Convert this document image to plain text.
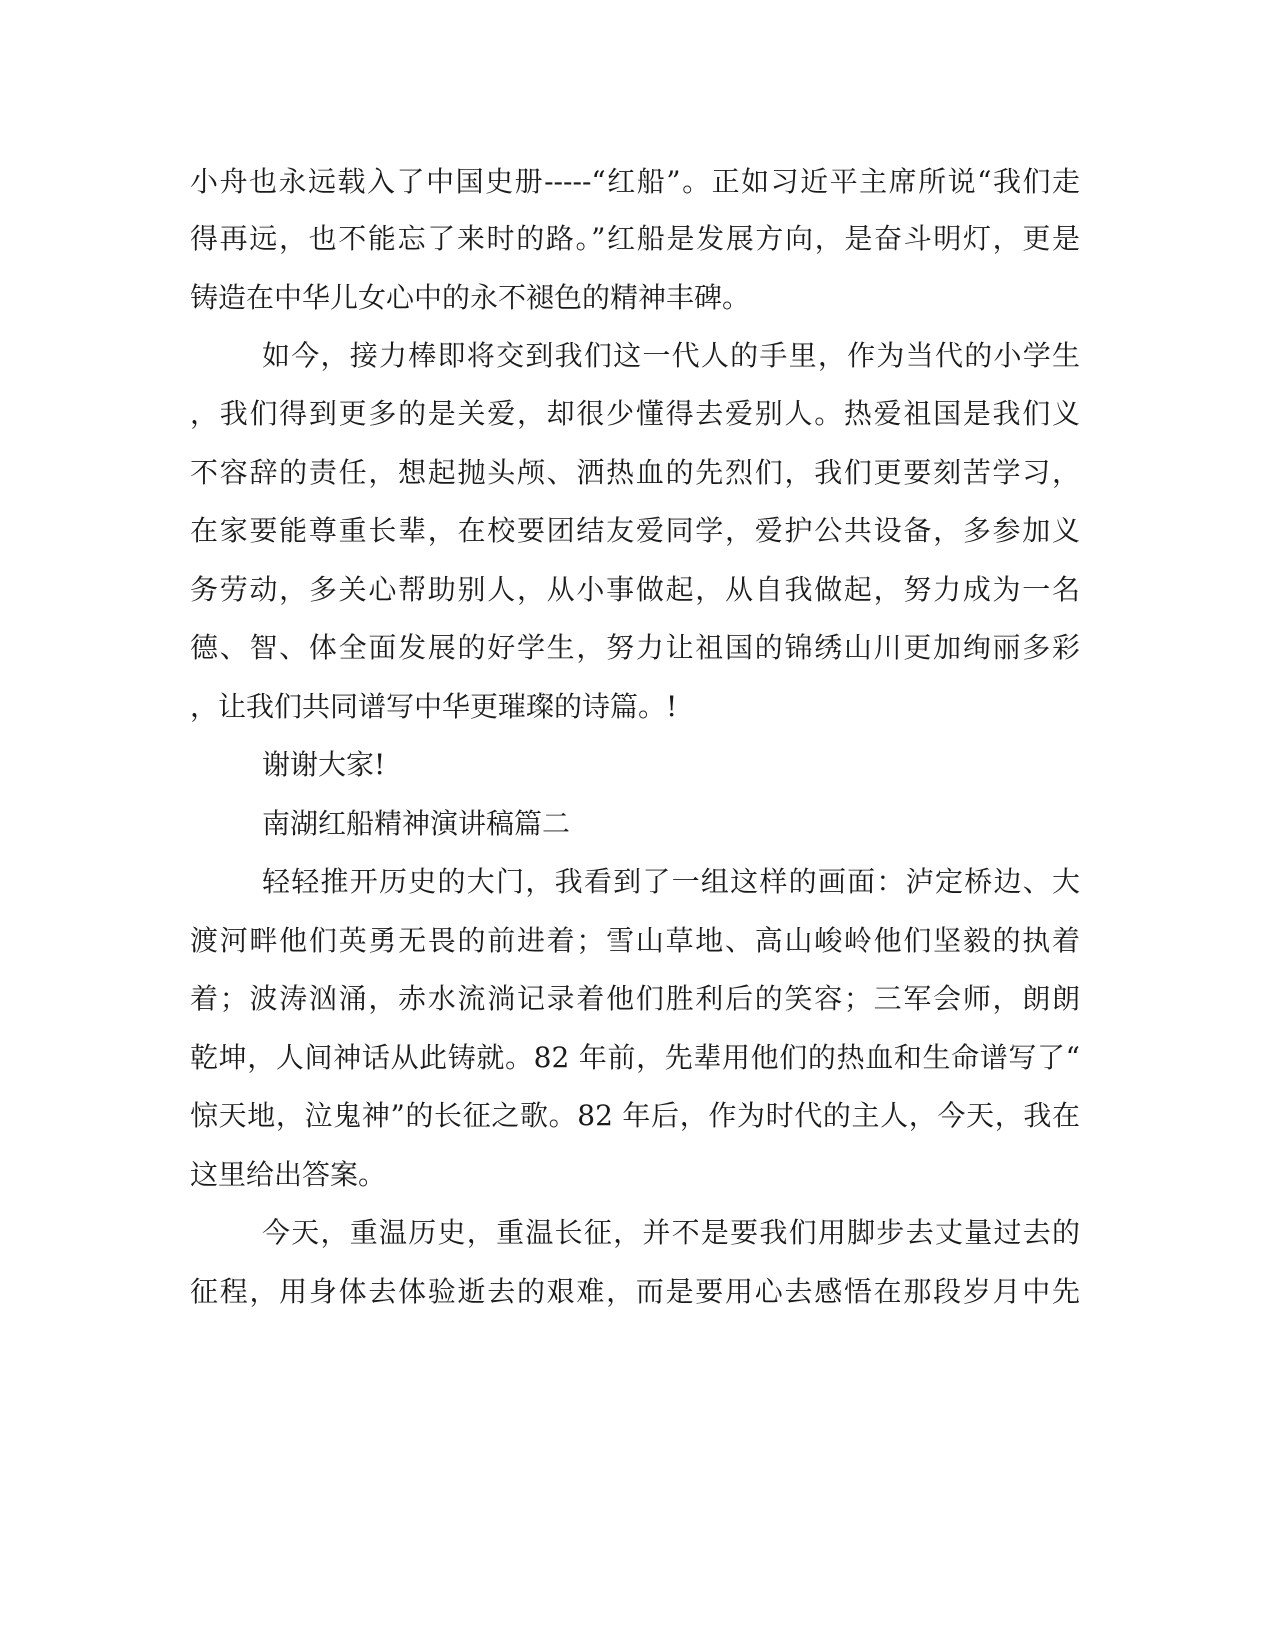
小舟也永远载入了中国史册-----“红船”。正如习近平主席所说“我们走
得再远，也不能忘了来时的路。”红船是发展方向，是奋斗明灯，更是
铸造在中华儿女心中的永不褪色的精神丰碑。
如今，接力棒即将交到我们这一代人的手里，作为当代的小学生
，我们得到更多的是关爱，却很少懂得去爱别人。热爱祖国是我们义
不容辞的责任，想起抛头颅、洒热血的先烈们，我们更要刻苦学习，
在家要能尊重长辈，在校要团结友爱同学，爱护公共设备，多参加义
务劳动，多关心帮助别人，从小事做起，从自我做起，努力成为一名
德、智、体全面发展的好学生，努力让祖国的锦绣山川更加绚丽多彩
，让我们共同谱写中华更璀璨的诗篇。!
谢谢大家!
南湖红船精神演讲稿篇二
轻轻推开历史的大门，我看到了一组这样的画面：泸定桥边、大
渡河畔他们英勇无畏的前进着；雪山草地、高山峻岭他们坚毅的执着
着；波涛汹涌，赤水流淌记录着他们胜利后的笑容；三军会师，朗朗
乾坤，人间神话从此铸就。82 年前，先辈用他们的热血和生命谱写了“
惊天地，泣鬼神”的长征之歌。82 年后，作为时代的主人，今天，我在
这里给出答案。
今天，重温历史，重温长征，并不是要我们用脚步去丈量过去的
征程，用身体去体验逝去的艰难，而是要用心去感悟在那段岁月中先
